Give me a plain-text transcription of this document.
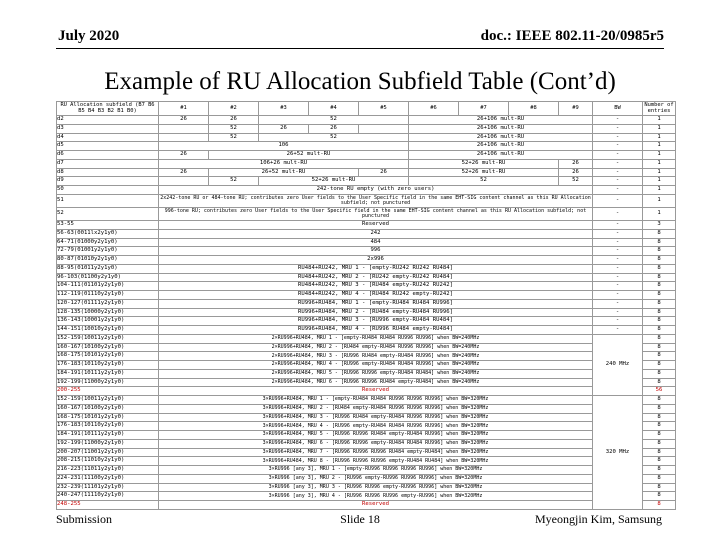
July 2020	doc.: IEEE 802.11-20/0985r5
Example of RU Allocation Subfield Table (Cont’d)
RU Allocation subfield (B7 B6 B5 B4 B3 B2 B1 B0)	#1	#2	#3	#4	#5	#6	#7	#8	#9	BW	Number of entries
d2	26	26	52			26+106 mult-RU				-	1
d3		52	26	26		26+106 mult-RU				-	1
d4		52	52			26+106 mult-RU				-	1
d5	106					26+106 mult-RU				-	1
d6	26	26+52 mult-RU				26+106 mult-RU				-	1
d7	106+26 mult-RU					52+26 mult-RU			26	-	1
d8	26	26+52 mult-RU			26	52+26 mult-RU			26	-	1
d9		52	52+26 mult-RU			52			52	-	1
50	242-tone RU empty (with zero users)									-	1
51	2x242-tone RU or 484-tone RU; contributes zero User fields to the User Specific field in the same EHT-SIG content channel as this RU Allocation subfield; not punctured									-	1
52	996-tone RU; contributes zero User fields to the User Specific field in the same EHT-SIG content channel as this RU Allocation subfield; not punctured									-	1
53-55	Reserved									-	3
56-63(0011lx2y1y0)	242									-	8
64-71(01000y2y1y0)	484									-	8
72-79(01001y2y1y0)	996									-	8
80-87(01010y2y1y0)	2x996									-	8
88-95(01011y2y1y0)	RU484+RU242, MRU 1 - [empty-RU242 RU242 RU484]									-	8
96-103(01100y2y1y0)	RU484+RU242, MRU 2 - [RU242 empty-RU242 RU484]									-	8
104-111(01101y2y1y0)	RU484+RU242, MRU 3 - [RU484 empty-RU242 RU242]									-	8
112-119(01110y2y1y0)	RU484+RU242, MRU 4 - [RU484 RU242 empty-RU242]									-	8
120-127(01111y2y1y0)	RU996+RU484, MRU 1 - [empty-RU484 RU484 RU996]									-	8
128-135(10000y2y1y0)	RU996+RU484, MRU 2 - [RU484 empty-RU484 RU996]									-	8
136-143(10001y2y1y0)	RU996+RU484, MRU 3 - [RU996 empty-RU484 RU484]									-	8
144-151(10010y2y1y0)	RU996+RU484, MRU 4 - [RU996 RU484 empty-RU484]									-	8
152-159(10011y2y1y0)	2×RU996+RU484, MRU 1 - [empty-RU484 RU484 RU996 RU996] when BW=240MHz									240 MHz	8
160-167(10100y2y1y0)	2×RU996+RU484, MRU 2 - [RU484 empty-RU484 RU996 RU996] when BW=240MHz										8
168-175(10101y2y1y0)	2×RU996+RU484, MRU 3 - [RU996 RU484 empty-RU484 RU996] when BW=240MHz										8
176-183(10110y2y1y0)	2×RU996+RU484, MRU 4 - [RU996 empty-RU484 RU484 RU996] when BW=240MHz										8
184-191(10111y2y1y0)	2×RU996+RU484, MRU 5 - [RU996 RU996 empty-RU484 RU484] when BW=240MHz										8
192-199(11000y2y1y0)	2×RU996+RU484, MRU 6 - [RU996 RU996 RU484 empty-RU484] when BW=240MHz										8
200-255	Reserved										56
152-159(10011y2y1y0)	3×RU996+RU484, MRU 1 - [empty-RU484 RU484 RU996 RU996 RU996] when BW=320MHz									320 MHz	8
160-167(10100y2y1y0)	3×RU996+RU484, MRU 2 - [RU484 empty-RU484 RU996 RU996 RU996] when BW=320MHz										8
168-175(10101y2y1y0)	3×RU996+RU484, MRU 3 - [RU996 RU484 empty-RU484 RU996 RU996] when BW=320MHz										8
176-183(10110y2y1y0)	3×RU996+RU484, MRU 4 - [RU996 empty-RU484 RU484 RU996 RU996] when BW=320MHz										8
184-191(10111y2y1y0)	3×RU996+RU484, MRU 5 - [RU996 RU996 RU484 empty-RU484 RU996] when BW=320MHz										8
192-199(11000y2y1y0)	3×RU996+RU484, MRU 6 - [RU996 RU996 empty-RU484 RU484 RU996] when BW=320MHz										8
200-207(11001y2y1y0)	3×RU996+RU484, MRU 7 - [RU996 RU996 RU996 RU484 empty-RU484] when BW=320MHz										8
208-215(11010y2y1y0)	3×RU996+RU484, MRU 8 - [RU996 RU996 RU996 empty-RU484 RU484] when BW=320MHz										8
216-223(11011y2y1y0)	3×RU996 [any 3], MRU 1 - [empty-RU996 RU996 RU996 RU996] when BW=320MHz										8
224-231(11100y2y1y0)	3×RU996 [any 3], MRU 2 - [RU996 empty-RU996 RU996 RU996] when BW=320MHz										8
232-239(11101y2y1y0)	3×RU996 [any 3], MRU 3 - [RU996 RU996 empty-RU996 RU996] when BW=320MHz										8
240-247(11110y2y1y0)	3×RU996 [any 3], MRU 4 - [RU996 RU996 RU996 empty-RU996] when BW=320MHz										8
248-255	Reserved										8
Submission	Slide 18	Myeongjin Kim, Samsung
